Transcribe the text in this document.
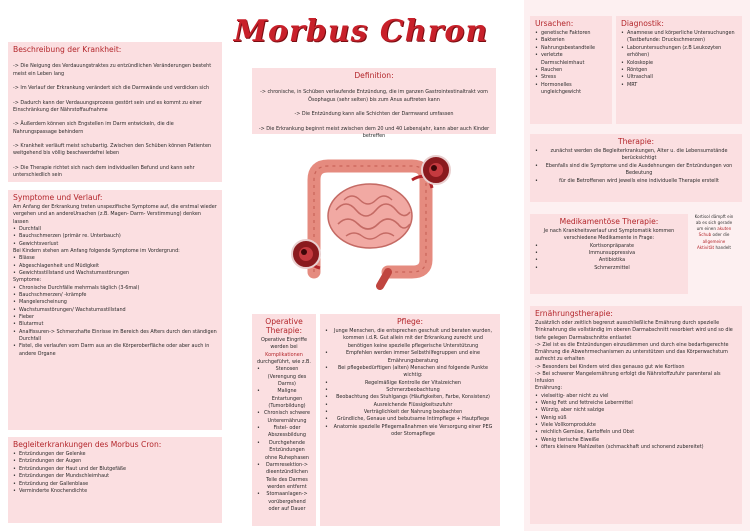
Morbus Chron
Beschreibung der Krankheit:

-> Die Neigung des Verdauungstraktes zu entzündlichen Veränderungen besteht meist ein Leben lang

-> Im Verlauf der Erkrankung verändert sich die Darmwände und verdicken sich

-> Dadurch kann der Verdauungsprozess gestört sein und es kommt zu einer Einschränkung der Nährstoffaufnahme

-> Äußerdem können sich Engstellen im Darm entwickeln, die die Nahrungspassage behindern

-> Krankheit verläuft meist schubartig. Zwischen den Schüben können Patienten weitgehend bis völlig beschwerdefrei leben

-> Die Therapie richtet sich nach dem individuellen Befund und kann sehr unterschiedlich sein

Symptome und Verlauf:
Am Anfang der Erkrankung treten unspezifische Symptome auf, die erstmal wieder vergehen und an andereUrsachen (z.B. Magen- Darm- Verstimmung) denken lassen
• Durchfall
• Bauchschmerzen (primär re. Unterbauch)
• Gewichtsverlust
Bei Kindern stehen am Anfang folgende Symptome im Vordergrund:
• Blässe
• Abgeschlagenheit und Müdigkeit
• Gewichtsstillstand und Wachstumsstörungen
Symptome:
• Chronische Durchfälle mehrmals täglich (3-6mal)
• Bauchschmerzen/ -krämpfe
• Mangelerscheinung
• Wachstumsstörungen/ Wachstumsstillstand
• Fieber
• Blutarmut
• Analfissuren-> Schmerzhafte Einrisse im Bereich des Afters durch den ständigen Durchfall
• Fistel, die verlaufen vom Darm aus an die Körperoberfläche oder aber auch in andere Organe
Begleiterkrankungen des Morbus Cron:
• Entzündungen der Gelenke
• Entzündungen der Augen
• Entzündungen der Haut und der Blutgefäße
• Entzündungen der Mundschleimhaut
• Entzündung der Gallenblase
• Verminderte Knochendichte
Definition:

-> chronische, in Schüben verlaufende Entzündung, die im ganzen Gastrointestinaltrakt vom Ösophagus (sehr selten) bis zum Anus auftreten kann

-> Die Entzündung kann alle Schichten der Darmwand umfassen

-> Die Erkrankung beginnt meist zwischen dem 20 und 40 Lebensjahr, kann aber auch Kinder betreffen

Operative Therapie:
Operative Eingriffe werden bei Komplikationen durchgeführt, wie z.B.
• Stenosen (Verengung des Darms)
• Maligne Entartungen (Tumorbildung)
• Chronisch schwere Unterernährung
• Fistel- oder Abszessbildung
• Durchgehende Entzündungen ohne Ruhephasen
• Darmresektion-> dieentzündlichen Teile des Darmes werden entfernt
• Stomaanlagen-> vorübergehend oder auf Dauer
Pflege:
• Junge Menschen, die entsprechen geschult und beraten wurden, kommen i.d.R. Gut allein mit der Erkrankung zurecht und benötigen keine spezielle pflegerische Unterstützung
• Empfehlen werden immer Selbsthilfegruppen und eine Ernährungsberatung
• Bei pflegebedürftigen (alten) Menschen sind folgende Punkte wichtig:
• Regelmäßige Kontrolle der Vitalzeichen
• Schmerzbeobachtung
• Beobachtung des Stuhlgangs (Häufigkeiten, Farbe, Konsistenz)
• Ausreichende Flüssigkeitszufuhr
• Verträglichkeit der Nahrung beobachten
• Gründliche, Genaue und bebutsame Intimpflege + Hautpflege
• Anatomie spezielle Pflegemaßnahmen wie Versorgung einer PEG oder Stomapflege
Ursachen:
• genetische Faktoren
• Bakterien
• Nahrungsbestandteile
• verletzte Darmschleimhaut
• Rauchen
• Stress
• Hormonelles ungleichgewicht
Diagnostik:
• Anamnese und körperliche Untersuchungen (Tastbefunde: Druckschmerzen)
• Laboruntersuchungen (z.B Leukozyten erhöhen)
• Koloskopie
• Röntgen
• Ultraschall
• MRT
Therapie:
• zunächst werden die Begleiterkrankungen, Alter u. die Lebensumstände berücksichtigt
• Ebenfalls sind die Symptome und die Ausdehnungen der Entzündungen von Bedeutung
• für die Betroffenen wird jeweils eine individuelle Therapie erstellt
Medikamentöse Therapie:
Je nach Krankheitsverlauf und Symptomatik kommen verschiedene Medikamente in Frage:
• Kortisonpräparate
• Immunsuppressiva
• Antibiotika
• Schmerzmittel
Kortisol dämpft ein ab es sich gerade um einen akuten Schub oder die allgemeine Aktivität handelt
Ernährungstherapie:
Zusätzlich oder zeitlich begrenzt ausschließliche Ernährung durch spezielle Trinknahrung die vollständig im oberen Darmabschnitt resorbiert wird und so die tiefe gelegen Darmabschnitte entlastet
-> Ziel ist es die Entzündungen einzudämmen und durch eine bedarfsgerechte Ernährung die Abwehrmechanismen zu unterstützen und das Körperwachstum aufrecht zu erhalten
-> Besonders bei Kindern wird dies genauso gut wie Kortison
-> Bei schwerer Mangelernährung erfolgt die Nährstoffzufuhr parenteral als Infusion
Ernährung:
• vielseitig- aber nicht zu viel
• Wenig Fett und fettreiche Lebermittel
• Würzig, aber nicht salzige
• Wenig süß
• Viele Vollkornprodukte
• reichlich Gemüse, Kartoffeln und Obst
• Wenig tierische Eiweiße
• öfters kleinere Mahlzeiten (schmackhaft und schonend zubereitet)
